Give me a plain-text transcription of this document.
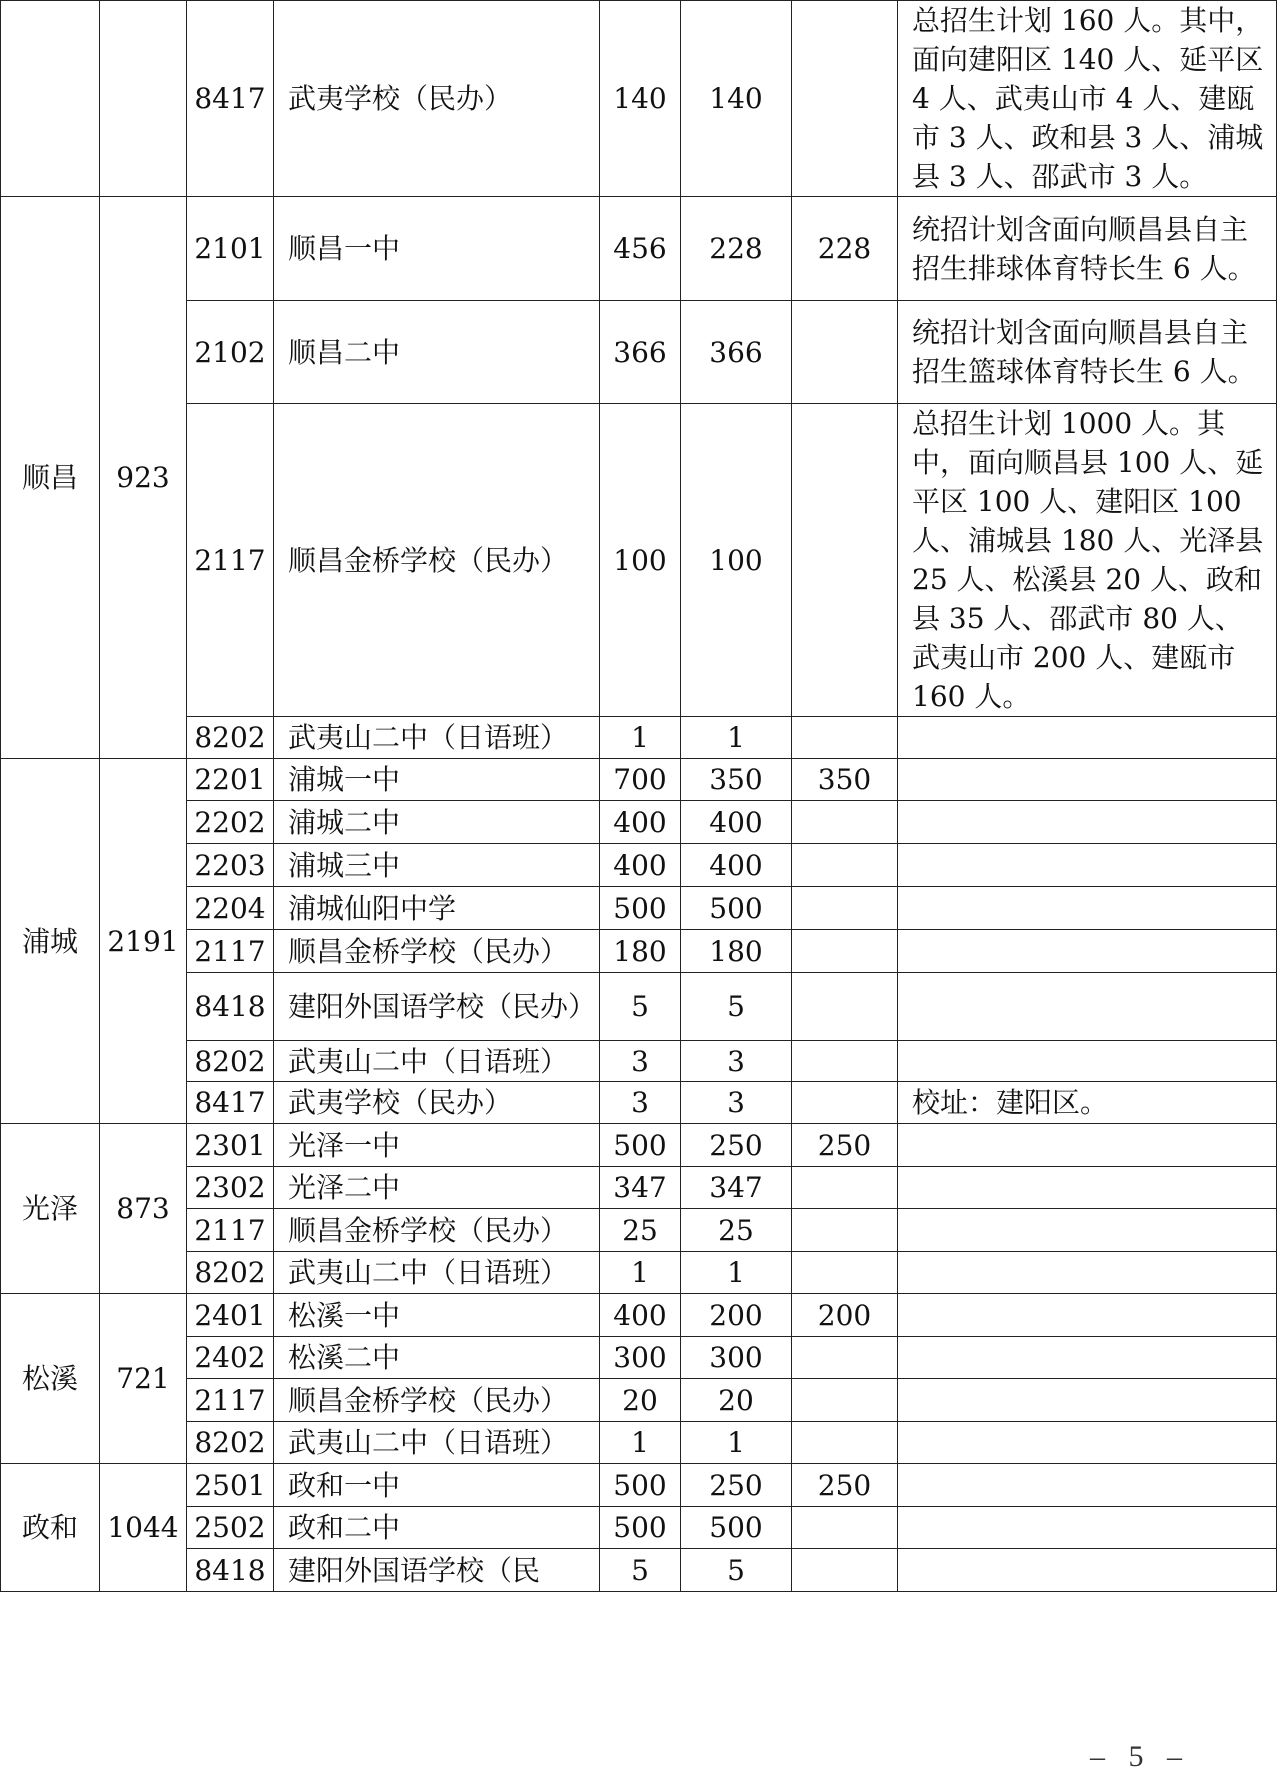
		8417	武夷学校（民办）	140	140		总招生计划 160 人。其中，面向建阳区 140 人、延平区 4 人、武夷山市 4 人、建瓯市 3 人、政和县 3 人、浦城县 3 人、邵武市 3 人。
顺昌	923	2101	顺昌一中	456	228	228	统招计划含面向顺昌县自主招生排球体育特长生 6 人。
		2102	顺昌二中	366	366		统招计划含面向顺昌县自主招生篮球体育特长生 6 人。
		2117	顺昌金桥学校（民办）	100	100		总招生计划 1000 人。其中，面向顺昌县 100 人、延平区 100 人、建阳区 100 人、浦城县 180 人、光泽县 25 人、松溪县 20 人、政和县 35 人、邵武市 80 人、武夷山市 200 人、建瓯市 160 人。
		8202	武夷山二中（日语班）	1	1		
浦城	2191	2201	浦城一中	700	350	350	
		2202	浦城二中	400	400		
		2203	浦城三中	400	400		
		2204	浦城仙阳中学	500	500		
		2117	顺昌金桥学校（民办）	180	180		
		8418	建阳外国语学校（民办）	5	5		
		8202	武夷山二中（日语班）	3	3		
		8417	武夷学校（民办）	3	3		校址：建阳区。
光泽	873	2301	光泽一中	500	250	250	
		2302	光泽二中	347	347		
		2117	顺昌金桥学校（民办）	25	25		
		8202	武夷山二中（日语班）	1	1		
松溪	721	2401	松溪一中	400	200	200	
		2402	松溪二中	300	300		
		2117	顺昌金桥学校（民办）	20	20		
		8202	武夷山二中（日语班）	1	1		
政和	1044	2501	政和一中	500	250	250	
		2502	政和二中	500	500		
		8418	建阳外国语学校（民	5	5		
– 5 –
